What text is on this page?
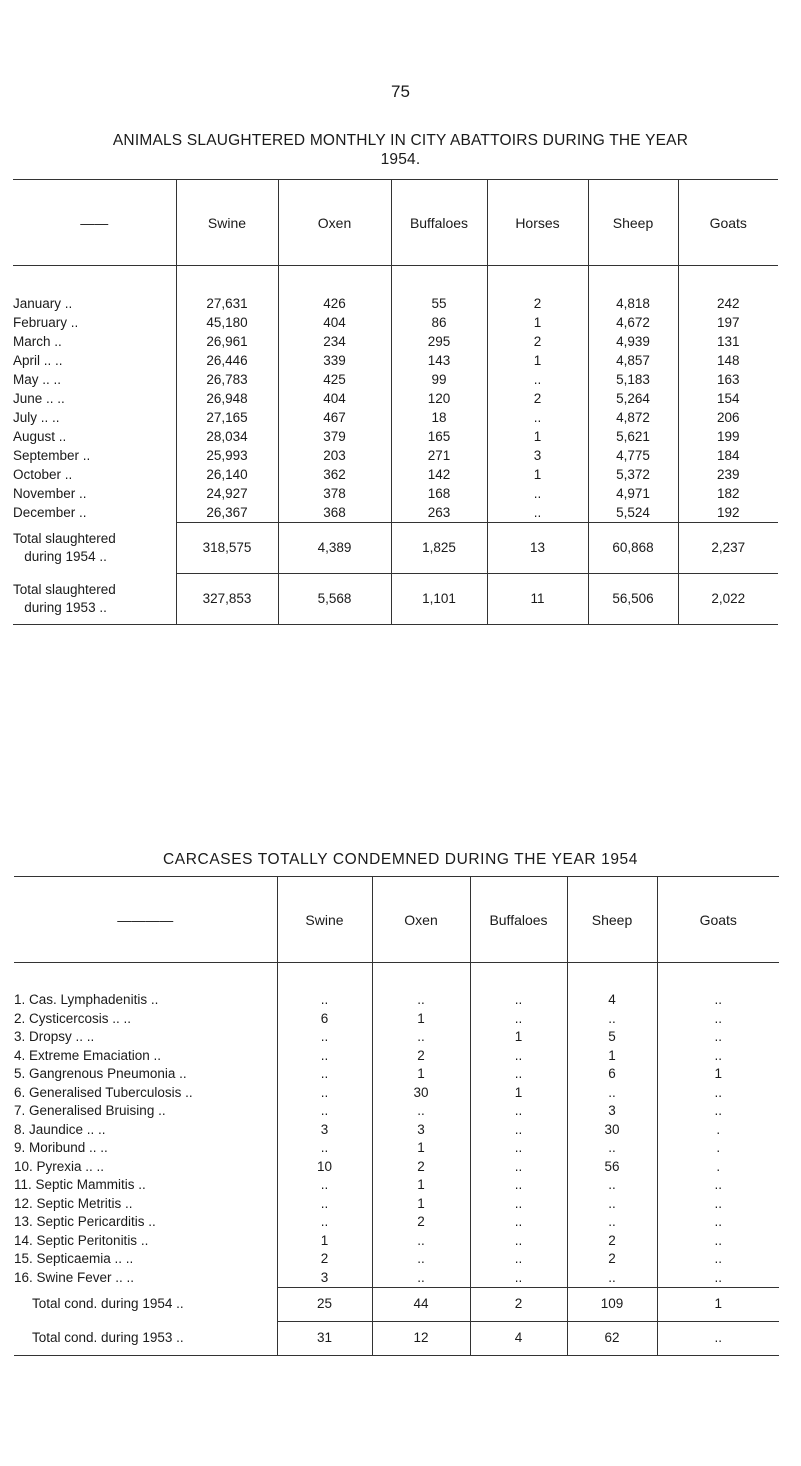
75
ANIMALS SLAUGHTERED MONTHLY IN CITY ABATTOIRS DURING THE YEAR
1954.
——	Swine	Oxen	Buffaloes	Horses	Sheep	Goats

January ..	27,631	426	55	2	4,818	242
February ..	45,180	404	86	1	4,672	197
March ..	26,961	234	295	2	4,939	131
April .. ..	26,446	339	143	1	4,857	148
May .. ..	26,783	425	99	..	5,183	163
June .. ..	26,948	404	120	2	5,264	154
July .. ..	27,165	467	18	..	4,872	206
August ..	28,034	379	165	1	5,621	199
September ..	25,993	203	271	3	4,775	184
October ..	26,140	362	142	1	5,372	239
November ..	24,927	378	168	..	4,971	182
December ..	26,367	368	263	..	5,524	192
Total slaughtered
during 1954 ..	318,575	4,389	1,825	13	60,868	2,237
Total slaughtered
during 1953 ..	327,853	5,568	1,101	11	56,506	2,022
CARCASES TOTALLY CONDEMNED DURING THE YEAR 1954
————	Swine	Oxen	Buffaloes	Sheep	Goats

1. Cas. Lymphadenitis ..	..	..	..	4	..
2. Cysticercosis .. ..	6	1	..	..	..
3. Dropsy .. ..	..	..	1	5	..
4. Extreme Emaciation ..	..	2	..	1	..
5. Gangrenous Pneumonia ..	..	1	..	6	1
6. Generalised Tuberculosis ..	..	30	1	..	..
7. Generalised Bruising ..	..	..	..	3	..
8. Jaundice .. ..	3	3	..	30	.
9. Moribund .. ..	..	1	..	..	.
10. Pyrexia .. ..	10	2	..	56	.
11. Septic Mammitis ..	..	1	..	..	..
12. Septic Metritis ..	..	1	..	..	..
13. Septic Pericarditis ..	..	2	..	..	..
14. Septic Peritonitis ..	1	..	..	2	..
15. Septicaemia .. ..	2	..	..	2	..
16. Swine Fever .. ..	3	..	..	..	..
Total cond. during 1954 ..	25	44	2	109	1
Total cond. during 1953 ..	31	12	4	62	..
